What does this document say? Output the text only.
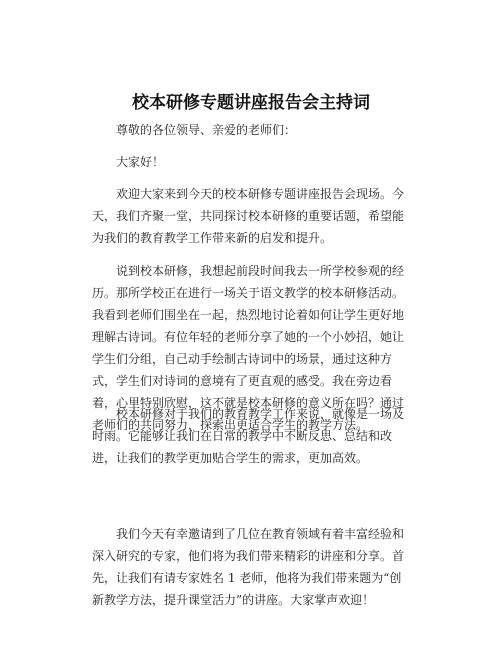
校本研修专题讲座报告会主持词

尊敬的各位领导、亲爱的老师们：

大家好！

欢迎大家来到今天的校本研修专题讲座报告会现场。今天，我们齐聚一堂，共同探讨校本研修的重要话题，希望能为我们的教育教学工作带来新的启发和提升。

说到校本研修，我想起前段时间我去一所学校参观的经历。那所学校正在进行一场关于语文教学的校本研修活动。我看到老师们围坐在一起，热烈地讨论着如何让学生更好地理解古诗词。有位年轻的老师分享了她的一个小妙招，她让学生们分组，自己动手绘制古诗词中的场景，通过这种方式，学生们对诗词的意境有了更直观的感受。我在旁边看着，心里特别欣慰，这不就是校本研修的意义所在吗？通过老师们的共同努力，探索出更适合学生的教学方法。

校本研修对于我们的教育教学工作来说，就像是一场及时雨。它能够让我们在日常的教学中不断反思、总结和改进，让我们的教学更加贴合学生的需求，更加高效。

我们今天有幸邀请到了几位在教育领域有着丰富经验和深入研究的专家，他们将为我们带来精彩的讲座和分享。首先，让我们有请专家姓名 1 老师，他将为我们带来题为“创新教学方法，提升课堂活力”的讲座。大家掌声欢迎！
